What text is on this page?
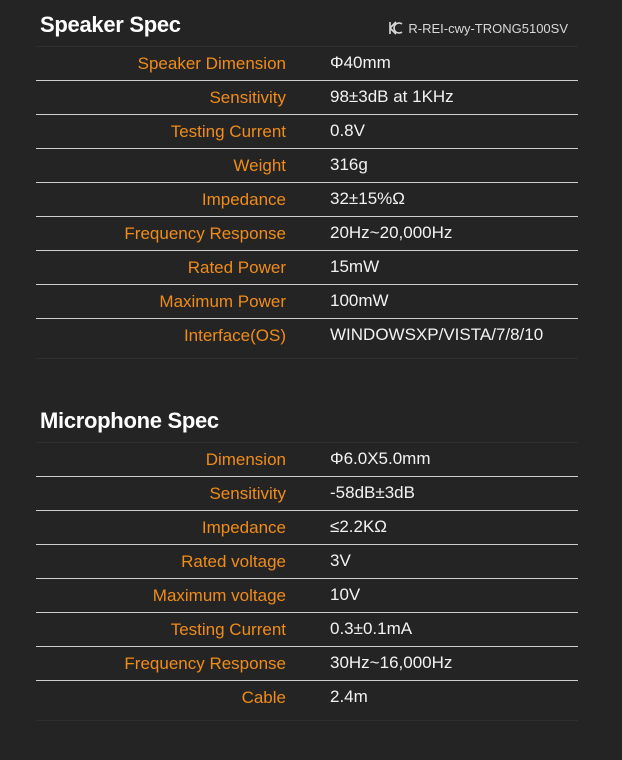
Speaker Spec	R-REI-cwy-TRONG5100SV
Speaker Dimension	Φ40mm
Sensitivity	98±3dB at 1KHz
Testing Current	0.8V
Weight	316g
Impedance	32±15%Ω
Frequency Response	20Hz~20,000Hz
Rated Power	15mW
Maximum Power	100mW
Interface(OS)	WINDOWSXP/VISTA/7/8/10
Microphone Spec
Dimension	Φ6.0X5.0mm
Sensitivity	-58dB±3dB
Impedance	≤2.2KΩ
Rated voltage	3V
Maximum voltage	10V
Testing Current	0.3±0.1mA
Frequency Response	30Hz~16,000Hz
Cable	2.4m
